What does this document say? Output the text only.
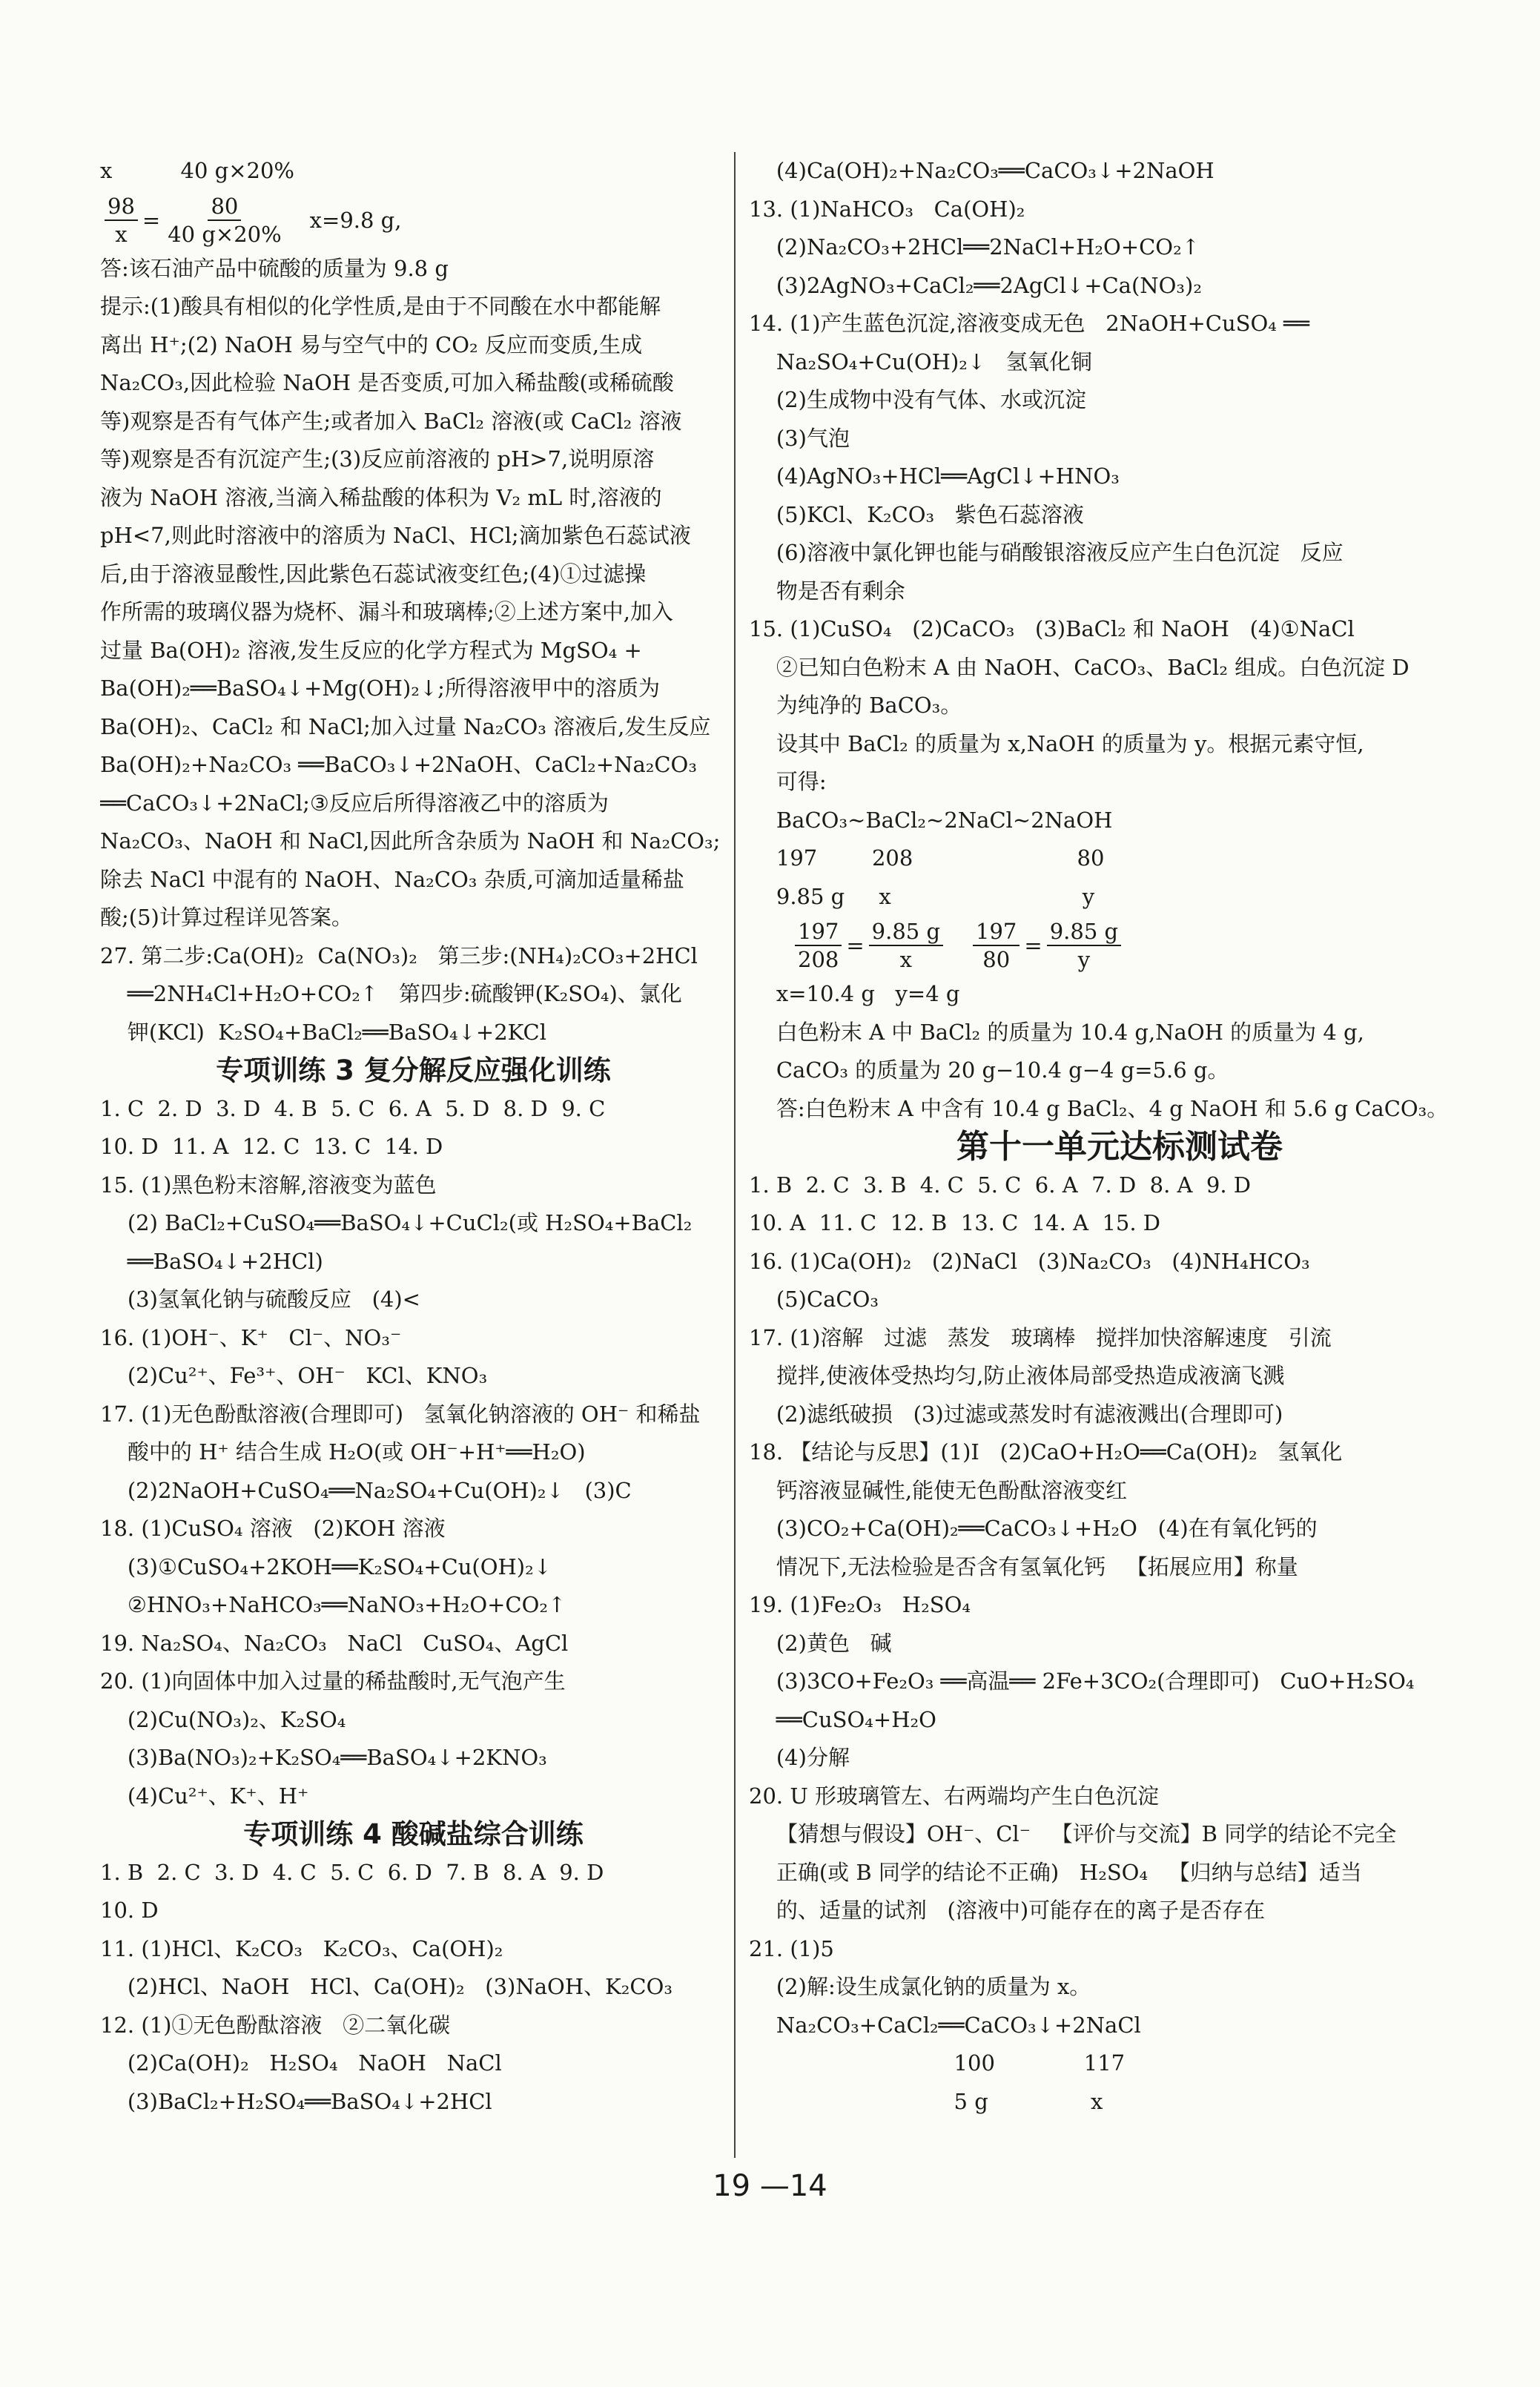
x          40 g×20%
$\frac{98}{x} = \frac{80}{40 g\times 20\%} x=9.8$ g,
答:该石油产品中硫酸的质量为 9.8 g
提示:(1)酸具有相似的化学性质,是由于不同酸在水中都能解
离出 H⁺;(2) NaOH 易与空气中的 CO₂ 反应而变质,生成
Na₂CO₃,因此检验 NaOH 是否变质,可加入稀盐酸(或稀硫酸
等)观察是否有气体产生;或者加入 BaCl₂ 溶液(或 CaCl₂ 溶液
等)观察是否有沉淀产生;(3)反应前溶液的 pH>7,说明原溶
液为 NaOH 溶液,当滴入稀盐酸的体积为 V₂ mL 时,溶液的
pH<7,则此时溶液中的溶质为 NaCl、HCl;滴加紫色石蕊试液
后,由于溶液显酸性,因此紫色石蕊试液变红色;(4)①过滤操
作所需的玻璃仪器为烧杯、漏斗和玻璃棒;②上述方案中,加入
过量 Ba(OH)₂ 溶液,发生反应的化学方程式为 MgSO₄ +
Ba(OH)₂══BaSO₄↓+Mg(OH)₂↓;所得溶液甲中的溶质为
Ba(OH)₂、CaCl₂ 和 NaCl;加入过量 Na₂CO₃ 溶液后,发生反应
Ba(OH)₂+Na₂CO₃ ══BaCO₃↓+2NaOH、CaCl₂+Na₂CO₃
══CaCO₃↓+2NaCl;③反应后所得溶液乙中的溶质为
Na₂CO₃、NaOH 和 NaCl,因此所含杂质为 NaOH 和 Na₂CO₃;
除去 NaCl 中混有的 NaOH、Na₂CO₃ 杂质,可滴加适量稀盐
酸;(5)计算过程详见答案。
27. 第二步:Ca(OH)₂  Ca(NO₃)₂   第三步:(NH₄)₂CO₃+2HCl
══2NH₄Cl+H₂O+CO₂↑   第四步:硫酸钾(K₂SO₄)、氯化
钾(KCl)  K₂SO₄+BaCl₂══BaSO₄↓+2KCl
专项训练 3 复分解反应强化训练
1. C  2. D  3. D  4. B  5. C  6. A  5. D  8. D  9. C
10. D  11. A  12. C  13. C  14. D
15. (1)黑色粉末溶解,溶液变为蓝色
(2) BaCl₂+CuSO₄══BaSO₄↓+CuCl₂(或 H₂SO₄+BaCl₂
══BaSO₄↓+2HCl)
(3)氢氧化钠与硫酸反应   (4)<
16. (1)OH⁻、K⁺   Cl⁻、NO₃⁻
(2)Cu²⁺、Fe³⁺、OH⁻   KCl、KNO₃
17. (1)无色酚酞溶液(合理即可)   氢氧化钠溶液的 OH⁻ 和稀盐
酸中的 H⁺ 结合生成 H₂O(或 OH⁻+H⁺══H₂O)
(2)2NaOH+CuSO₄══Na₂SO₄+Cu(OH)₂↓   (3)C
18. (1)CuSO₄ 溶液   (2)KOH 溶液
(3)①CuSO₄+2KOH══K₂SO₄+Cu(OH)₂↓
②HNO₃+NaHCO₃══NaNO₃+H₂O+CO₂↑
19. Na₂SO₄、Na₂CO₃   NaCl   CuSO₄、AgCl
20. (1)向固体中加入过量的稀盐酸时,无气泡产生
(2)Cu(NO₃)₂、K₂SO₄
(3)Ba(NO₃)₂+K₂SO₄══BaSO₄↓+2KNO₃
(4)Cu²⁺、K⁺、H⁺
专项训练 4 酸碱盐综合训练
1. B  2. C  3. D  4. C  5. C  6. D  7. B  8. A  9. D
10. D
11. (1)HCl、K₂CO₃   K₂CO₃、Ca(OH)₂
(2)HCl、NaOH   HCl、Ca(OH)₂   (3)NaOH、K₂CO₃
12. (1)①无色酚酞溶液   ②二氧化碳
(2)Ca(OH)₂   H₂SO₄   NaOH   NaCl
(3)BaCl₂+H₂SO₄══BaSO₄↓+2HCl
(4)Ca(OH)₂+Na₂CO₃══CaCO₃↓+2NaOH
13. (1)NaHCO₃   Ca(OH)₂
(2)Na₂CO₃+2HCl══2NaCl+H₂O+CO₂↑
(3)2AgNO₃+CaCl₂══2AgCl↓+Ca(NO₃)₂
14. (1)产生蓝色沉淀,溶液变成无色   2NaOH+CuSO₄ ══
Na₂SO₄+Cu(OH)₂↓   氢氧化铜
(2)生成物中没有气体、水或沉淀
(3)气泡
(4)AgNO₃+HCl══AgCl↓+HNO₃
(5)KCl、K₂CO₃   紫色石蕊溶液
(6)溶液中氯化钾也能与硝酸银溶液反应产生白色沉淀   反应
物是否有剩余
15. (1)CuSO₄   (2)CaCO₃   (3)BaCl₂ 和 NaOH   (4)①NaCl
②已知白色粉末 A 由 NaOH、CaCO₃、BaCl₂ 组成。白色沉淀 D
为纯净的 BaCO₃。
设其中 BaCl₂ 的质量为 x,NaOH 的质量为 y。根据元素守恒,
可得:
BaCO₃~BaCl₂~2NaCl~2NaOH
197        208                        80
9.85 g     x                            y
$\frac{197}{208} = \frac{9.85 g}{x} \frac{197}{80} = \frac{9.85 g}{y}$
x=10.4 g   y=4 g
白色粉末 A 中 BaCl₂ 的质量为 10.4 g,NaOH 的质量为 4 g,
CaCO₃ 的质量为 20 g−10.4 g−4 g=5.6 g。
答:白色粉末 A 中含有 10.4 g BaCl₂、4 g NaOH 和 5.6 g CaCO₃。
第十一单元达标测试卷
1. B  2. C  3. B  4. C  5. C  6. A  7. D  8. A  9. D
10. A  11. C  12. B  13. C  14. A  15. D
16. (1)Ca(OH)₂   (2)NaCl   (3)Na₂CO₃   (4)NH₄HCO₃
(5)CaCO₃
17. (1)溶解   过滤   蒸发   玻璃棒   搅拌加快溶解速度   引流
搅拌,使液体受热均匀,防止液体局部受热造成液滴飞溅
(2)滤纸破损   (3)过滤或蒸发时有滤液溅出(合理即可)
18. 【结论与反思】(1)Ⅰ   (2)CaO+H₂O══Ca(OH)₂   氢氧化
钙溶液显碱性,能使无色酚酞溶液变红
(3)CO₂+Ca(OH)₂══CaCO₃↓+H₂O   (4)在有氧化钙的
情况下,无法检验是否含有氢氧化钙   【拓展应用】称量
19. (1)Fe₂O₃   H₂SO₄
(2)黄色   碱
(3)3CO+Fe₂O₃ ══高温══ 2Fe+3CO₂(合理即可)   CuO+H₂SO₄
══CuSO₄+H₂O
(4)分解
20. U 形玻璃管左、右两端均产生白色沉淀
【猜想与假设】OH⁻、Cl⁻   【评价与交流】B 同学的结论不完全
正确(或 B 同学的结论不正确)   H₂SO₄   【归纳与总结】适当
的、适量的试剂   (溶液中)可能存在的离子是否存在
21. (1)5
(2)解:设生成氯化钠的质量为 x。
Na₂CO₃+CaCl₂══CaCO₃↓+2NaCl
100             117
5 g               x
19 —14
